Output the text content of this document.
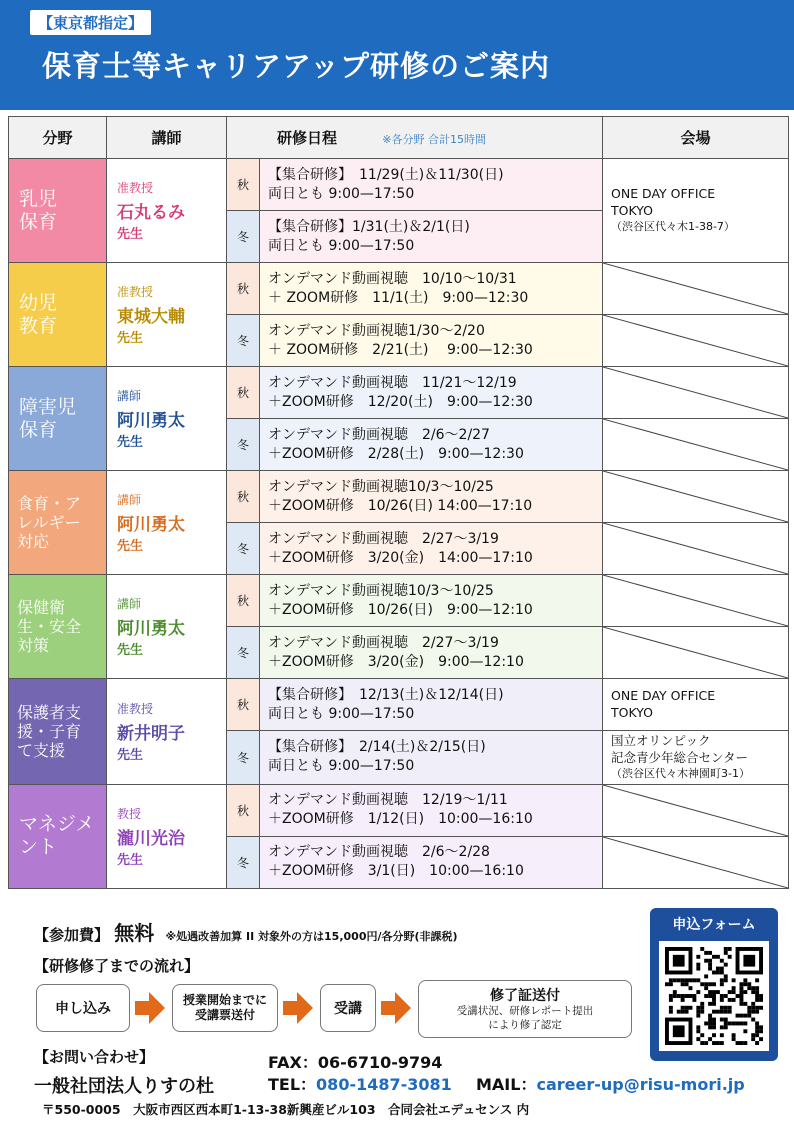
【東京都指定】
保育士等キャリアアップ研修のご案内
分野	講師	研修日程 ※各分野 合計15時間		会場
乳児
保育	准教授
石丸るみ
先生	秋	【集合研修】　11/29(土)＆11/30(日)
両日とも 9:00—17:50	ONE DAY OFFICE
TOKYO
（渋谷区代々木1-38-7）

		冬	【集合研修】1/31(土)＆2/1(日)
両日とも 9:00—17:50	
幼児
教育	准教授
東城大輔
先生	秋	オンデマンド動画視聴　10/10〜10/31
＋ ZOOM研修　11/1(土)　9:00—12:30	

		冬	オンデマンド動画視聴1/30〜2/20
＋ ZOOM研修　2/21(土)　 9:00—12:30	

障害児
保育	講師
阿川勇太
先生	秋	オンデマンド動画視聴　11/21〜12/19
＋ZOOM研修　12/20(土)　9:00—12:30	

		冬	オンデマンド動画視聴　2/6〜2/27
＋ZOOM研修　2/28(土)　9:00—12:30	

食育・ア
レルギー
対応	講師
阿川勇太
先生	秋	オンデマンド動画視聴10/3〜10/25
＋ZOOM研修　10/26(日) 14:00—17:10	

		冬	オンデマンド動画視聴　2/27〜3/19
＋ZOOM研修　3/20(金)　14:00—17:10	

保健衛
生・安全
対策	講師
阿川勇太
先生	秋	オンデマンド動画視聴10/3〜10/25
＋ZOOM研修　10/26(日)　9:00—12:10	

		冬	オンデマンド動画視聴　2/27〜3/19
＋ZOOM研修　3/20(金)　9:00—12:10	

保護者支
援・子育
て支援	准教授
新井明子
先生	秋	【集合研修】　12/13(土)＆12/14(日)
両日とも 9:00—17:50	ONE DAY OFFICE
TOKYO

		冬	【集合研修】　2/14(土)＆2/15(日)
両日とも 9:00—17:50	国立オリンピック
記念青少年総合センター
（渋谷区代々木神園町3-1）

マネジメ
ント	教授
瀧川光治
先生	秋	オンデマンド動画視聴　12/19〜1/11
＋ZOOM研修　1/12(日)　10:00—16:10	

		冬	オンデマンド動画視聴　2/6〜2/28
＋ZOOM研修　3/1(日)　10:00—16:10	
【参加費】 無料 ※処遇改善加算 II 対象外の方は15,000円/各分野(非課税)
【研修修了までの流れ】
申し込み
授業開始までに
受講票送付	受講
修了証送付
受講状況、研修レポート提出
により修了認定
申込フォーム
【お問い合わせ】
一般社団法人りすの杜
FAX：06-6710-9794
TEL：080-1487-3081 MAIL：career-up@risu-mori.jp
〒550-0005　大阪市西区西本町1-13-38新興産ビル103　合同会社エデュセンス 内
